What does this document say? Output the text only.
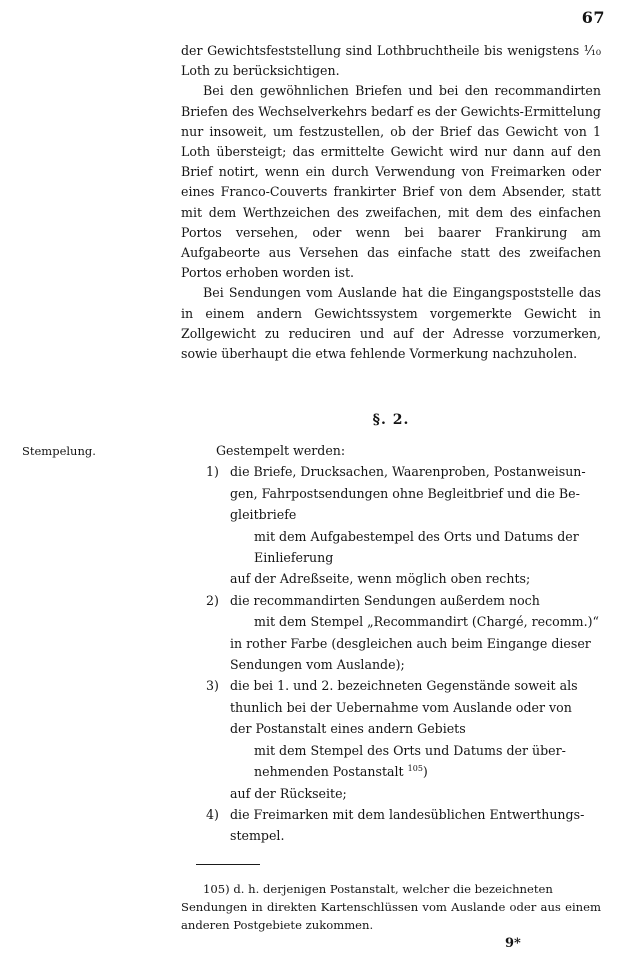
67

der Gewichtsfeststellung sind Lothbruchtheile bis wenigstens ⅒ Loth zu berücksichtigen.

Bei den gewöhnlichen Briefen und bei den recommandirten Briefen des Wechselverkehrs bedarf es der Gewichts-Ermittelung nur insoweit, um festzustellen, ob der Brief das Gewicht von 1 Loth übersteigt; das ermittelte Gewicht wird nur dann auf den Brief notirt, wenn ein durch Verwendung von Freimarken oder eines Franco-Couverts frankirter Brief von dem Absender, statt mit dem Werthzeichen des zweifachen, mit dem des einfachen Portos versehen, oder wenn bei baarer Frankirung am Aufgabeorte aus Versehen das einfache statt des zweifachen Portos erhoben worden ist.

Bei Sendungen vom Auslande hat die Eingangspoststelle das in einem andern Gewichtssystem vorgemerkte Gewicht in Zollgewicht zu reduciren und auf der Adresse vorzumerken, sowie überhaupt die etwa fehlende Vormerkung nachzuholen.

§. 2.
Stempelung.	Gestempelt werden:
1) die Briefe, Drucksachen, Waarenproben, Postanweisun-
gen, Fahrpostsendungen ohne Begleitbrief und die Be-
gleitbriefe
mit dem Aufgabestempel des Orts und Datums der
Einlieferung
auf der Adreßseite, wenn möglich oben rechts;
2) die recommandirten Sendungen außerdem noch
mit dem Stempel „Recommandirt (Chargé, recomm.)“
in rother Farbe (desgleichen auch beim Eingange dieser
Sendungen vom Auslande);
3) die bei 1. und 2. bezeichneten Gegenstände soweit als
thunlich bei der Uebernahme vom Auslande oder von
der Postanstalt eines andern Gebiets
mit dem Stempel des Orts und Datums der über-
nehmenden Postanstalt $^{105}$)
auf der Rückseite;
4) die Freimarken mit dem landesüblichen Entwerthungs-
stempel.
105) d. h. derjenigen Postanstalt, welcher die bezeichneten
Sendungen in direkten Kartenschlüssen vom Auslande oder aus einem anderen Postgebiete zukommen.
9*
